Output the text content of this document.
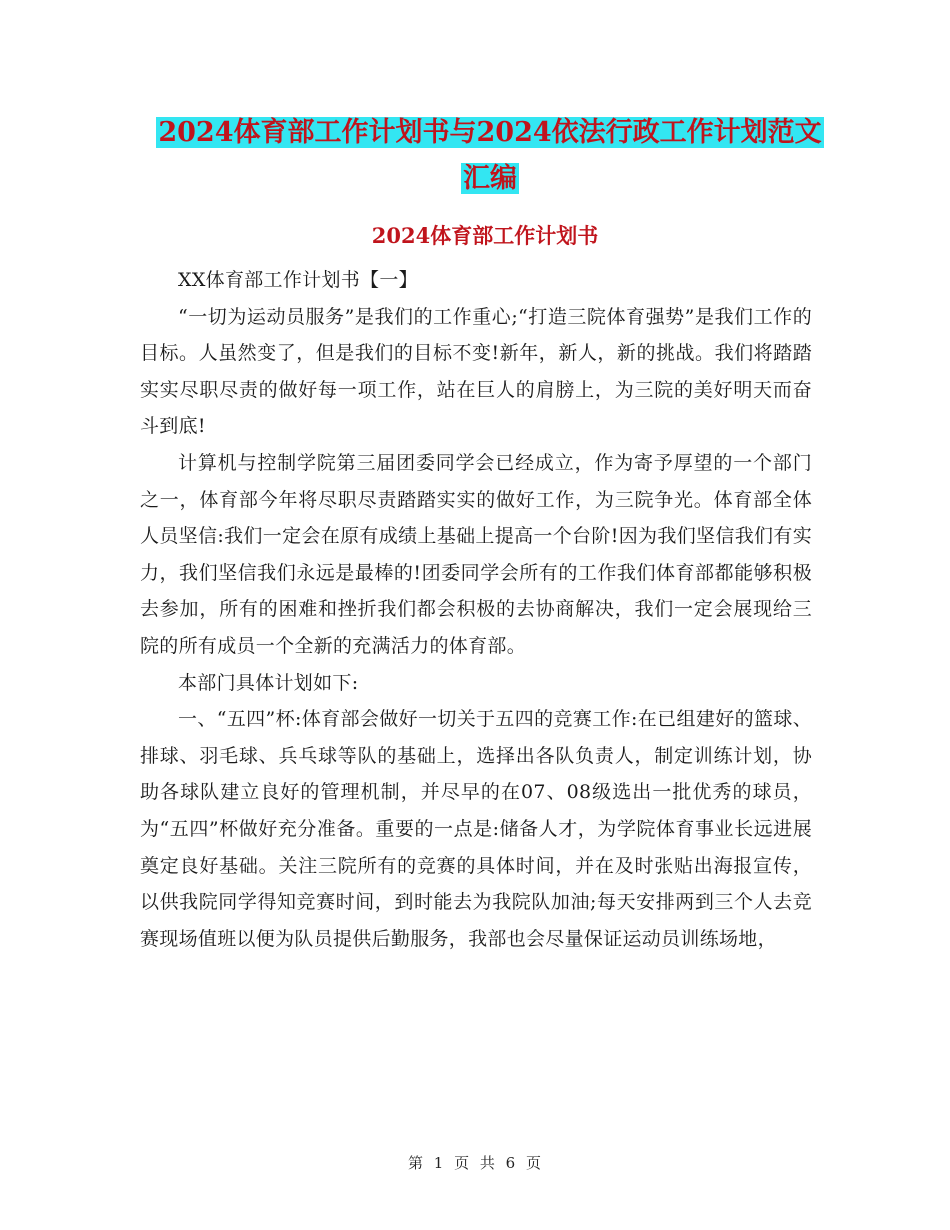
2024体育部工作计划书与2024依法行政工作计划范文
汇编
2024体育部工作计划书

XX体育部工作计划书【一】

“一切为运动员服务”是我们的工作重心;“打造三院体育强势”是我们工作的目标。人虽然变了，但是我们的目标不变!新年，新人，新的挑战。我们将踏踏实实尽职尽责的做好每一项工作，站在巨人的肩膀上，为三院的美好明天而奋斗到底!

计算机与控制学院第三届团委同学会已经成立，作为寄予厚望的一个部门之一，体育部今年将尽职尽责踏踏实实的做好工作，为三院争光。体育部全体人员坚信:我们一定会在原有成绩上基础上提高一个台阶!因为我们坚信我们有实力，我们坚信我们永远是最棒的!团委同学会所有的工作我们体育部都能够积极去参加，所有的困难和挫折我们都会积极的去协商解决，我们一定会展现给三院的所有成员一个全新的充满活力的体育部。

本部门具体计划如下:

一、“五四”杯:体育部会做好一切关于五四的竞赛工作:在已组建好的篮球、排球、羽毛球、兵乓球等队的基础上，选择出各队负责人，制定训练计划，协助各球队建立良好的管理机制，并尽早的在07、08级选出一批优秀的球员，为“五四”杯做好充分准备。重要的一点是:储备人才，为学院体育事业长远进展奠定良好基础。关注三院所有的竞赛的具体时间，并在及时张贴出海报宣传，以供我院同学得知竞赛时间，到时能去为我院队加油;每天安排两到三个人去竞赛现场值班以便为队员提供后勤服务，我部也会尽量保证运动员训练场地，

第 1 页 共 6 页
